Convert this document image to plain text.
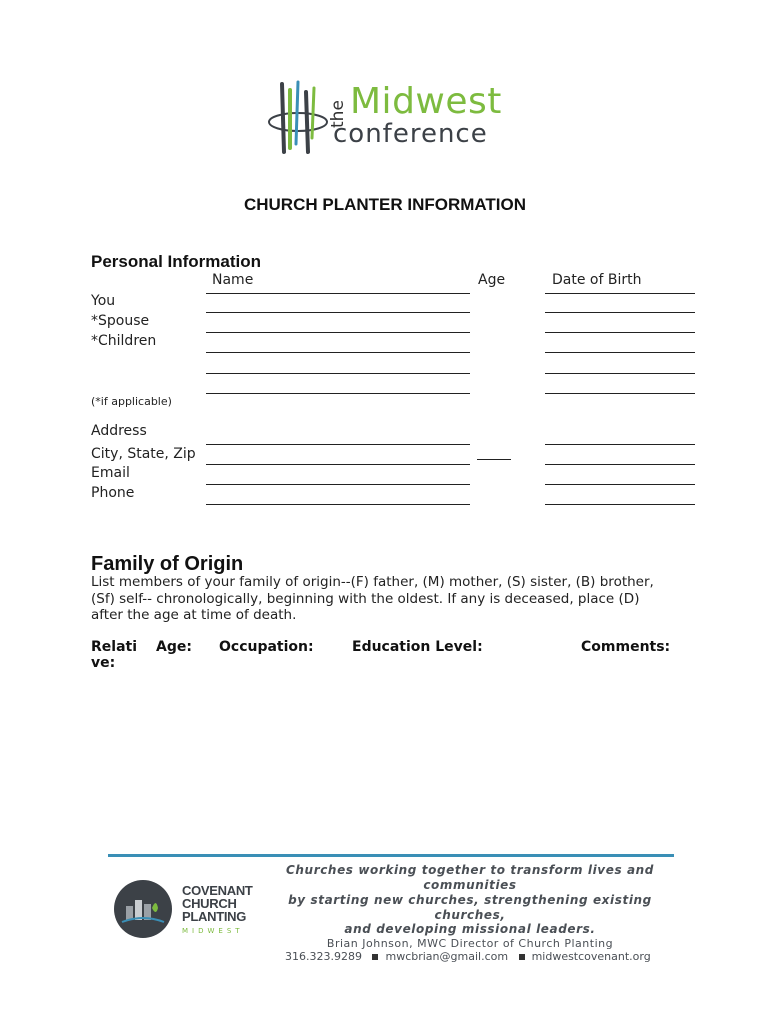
the Midwest
conference
CHURCH PLANTER INFORMATION
Personal Information
Name	Age	Date of Birth
You
*Spouse
*Children
(*if applicable)
Address
City, State, Zip
Email
Phone
Family of Origin
List members of your family of origin--(F) father, (M) mother, (S) sister, (B) brother,
(Sf) self-- chronologically, beginning with the oldest. If any is deceased, place (D)
after the age at time of death.
Relati
ve:
Age: Occupation:	Education Level:	Comments:
COVENANT
CHURCH
PLANTING
MIDWEST
Churches working together to transform lives and
communities
by starting new churches, strengthening existing
churches,
and developing missional leaders.
Brian Johnson, MWC Director of Church Planting
316.323.9289 mwcbrian@gmail.com midwestcovenant.org
